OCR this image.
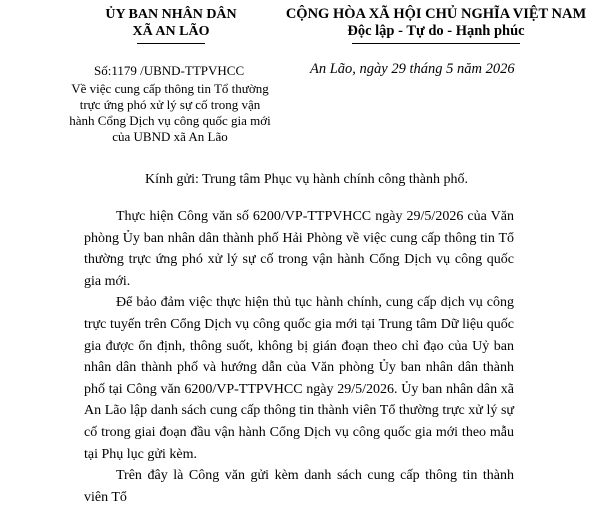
ỦY BAN NHÂN DÂN
XÃ AN LÃO
CỘNG HÒA XÃ HỘI CHỦ NGHĨA VIỆT NAM
Độc lập - Tự do - Hạnh phúc
Số:1179 /UBND-TTPVHCC
Về việc cung cấp thông tin Tổ thường
trực ứng phó xử lý sự cố trong vận
hành Cổng Dịch vụ công quốc gia mới
của UBND xã An Lão
An Lão, ngày 29 tháng 5 năm 2026
Kính gửi: Trung tâm Phục vụ hành chính công thành phố.

Thực hiện Công văn số 6200/VP-TTPVHCC ngày 29/5/2026 của Văn phòng Ủy ban nhân dân thành phố Hải Phòng về việc cung cấp thông tin Tổ thường trực ứng phó xử lý sự cố trong vận hành Cổng Dịch vụ công quốc gia mới.

Để bảo đảm việc thực hiện thủ tục hành chính, cung cấp dịch vụ công trực tuyến trên Cổng Dịch vụ công quốc gia mới tại Trung tâm Dữ liệu quốc gia được ổn định, thông suốt, không bị gián đoạn theo chỉ đạo của Uỷ ban nhân dân thành phố và hướng dẫn của Văn phòng Ủy ban nhân dân thành phố tại Công văn 6200/VP-TTPVHCC ngày 29/5/2026. Ủy ban nhân dân xã An Lão lập danh sách cung cấp thông tin thành viên Tổ thường trực xử lý sự cố trong giai đoạn đầu vận hành Cổng Dịch vụ công quốc gia mới theo mẫu tại Phụ lục gửi kèm.

Trên đây là Công văn gửi kèm danh sách cung cấp thông tin thành viên Tổ
